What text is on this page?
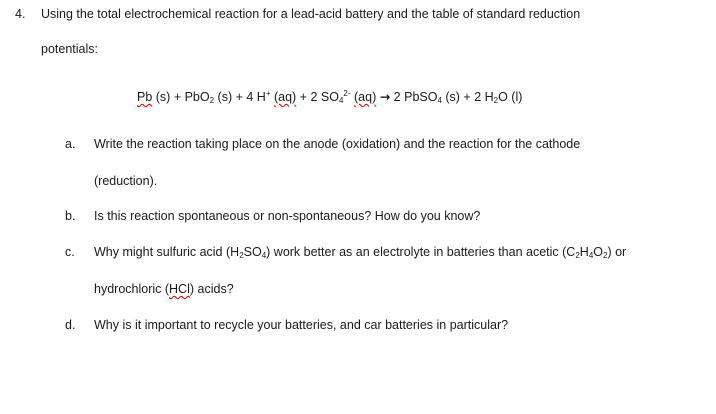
4. Using the total electrochemical reaction for a lead-acid battery and the table of standard reduction
potentials:
Pb (s) + PbO$_2$ (s) + 4 H+ (aq) + 2 $SO_4^{2-}$ (aq) → 2 PbSO$_4$ (s) + 2 $H_2O$ (l)
a. Write the reaction taking place on the anode (oxidation) and the reaction for the cathode
(reduction).
b. Is this reaction spontaneous or non-spontaneous? How do you know?
c. Why might sulfuric acid $(H_2SO_4)$ work better as an electrolyte in batteries than acetic $(C_2H_4O_2)$ or
hydrochloric (HCl) acids?
d. Why is it important to recycle your batteries, and car batteries in particular?
